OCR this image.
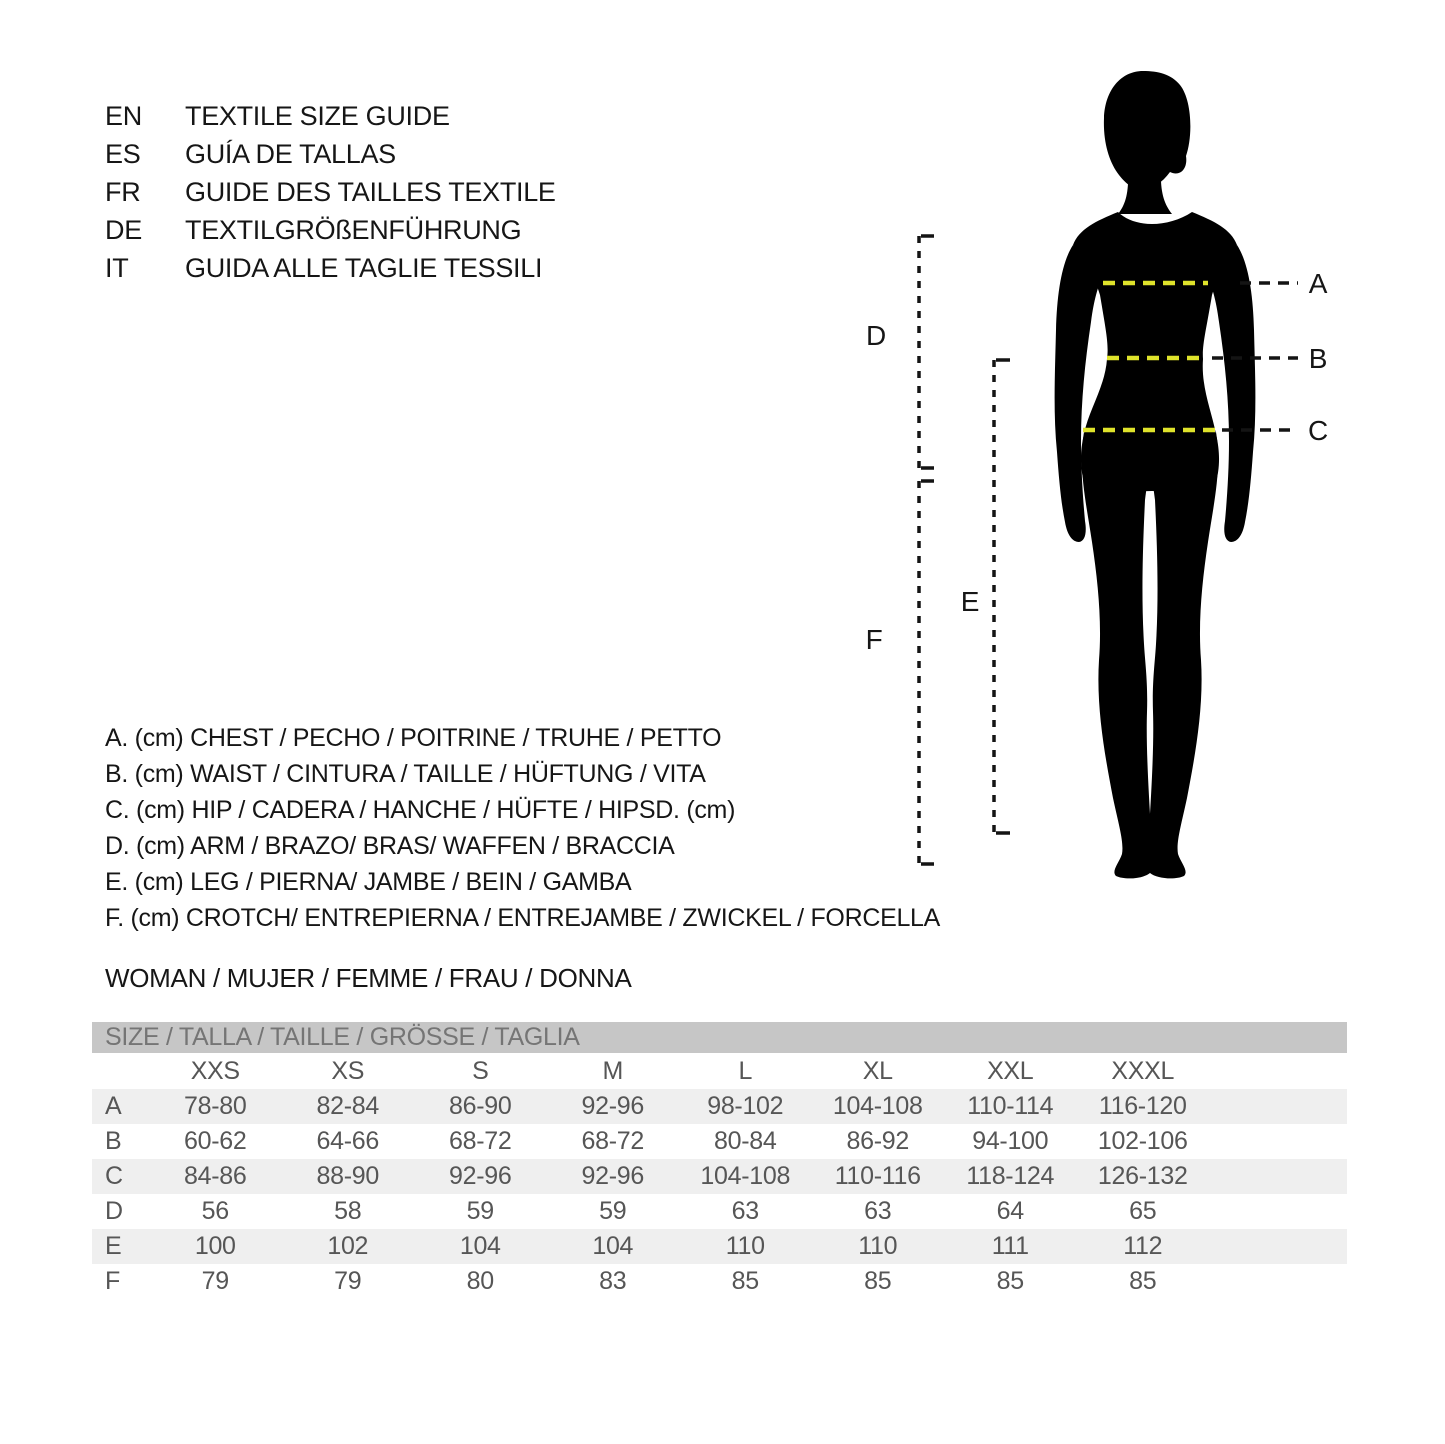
EN TEXTILE SIZE GUIDE
ES GUÍA DE TALLAS
FR GUIDE DES TAILLES TEXTILE
DE TEXTILGRÖßENFÜHRUNG
IT GUIDA ALLE TAGLIE TESSILI	A
B
C
D
E
F
A. (cm) CHEST / PECHO / POITRINE / TRUHE / PETTO
B. (cm) WAIST / CINTURA / TAILLE / HÜFTUNG / VITA
C. (cm) HIP / CADERA / HANCHE / HÜFTE / HIPSD. (cm)
D. (cm) ARM / BRAZO/ BRAS/ WAFFEN / BRACCIA
E. (cm) LEG / PIERNA/ JAMBE / BEIN / GAMBA
F. (cm) CROTCH/ ENTREPIERNA / ENTREJAMBE / ZWICKEL / FORCELLA
WOMAN / MUJER / FEMME / FRAU / DONNA
SIZE / TALLA / TAILLE / GRÖSSE / TAGLIA
XXS	XS	S	M	L	XL	XXL	XXXL
A	78-80	82-84	86-90	92-96	98-102	104-108	110-114	116-120
B	60-62	64-66	68-72	68-72	80-84	86-92	94-100	102-106
C	84-86	88-90	92-96	92-96	104-108	110-116	118-124	126-132
D	56	58	59	59	63	63	64	65
E	100	102	104	104	110	110	111	112
F	79	79	80	83	85	85	85	85
